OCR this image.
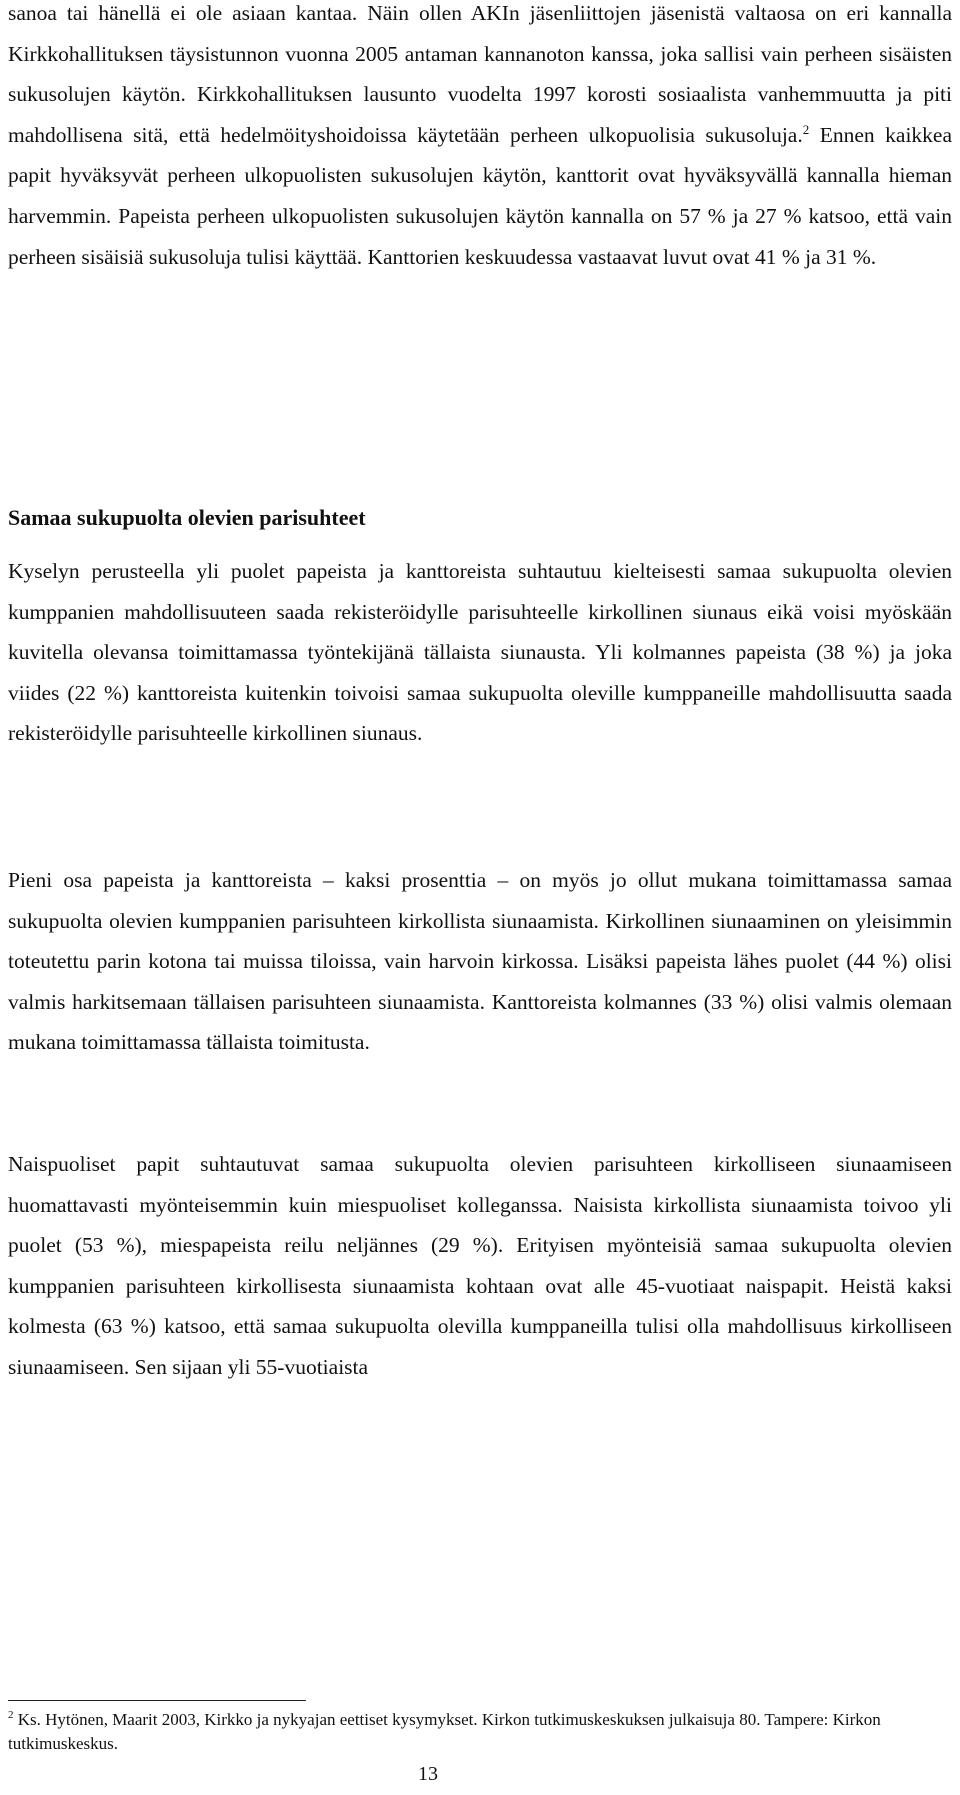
sanoa tai hänellä ei ole asiaan kantaa. Näin ollen AKIn jäsenliittojen jäsenistä valtaosa on eri kannalla Kirkkohallituksen täysistunnon vuonna 2005 antaman kannanoton kanssa, joka sallisi vain perheen sisäisten sukusolujen käytön. Kirkkohallituksen lausunto vuodelta 1997 korosti sosiaalista vanhemmuutta ja piti mahdollisena sitä, että hedelmöityshoidoissa käytetään perheen ulkopuolisia sukusoluja.$^2$ Ennen kaikkea papit hyväksyvät perheen ulkopuolisten sukusolujen käytön, kanttorit ovat hyväksyvällä kannalla hieman harvemmin. Papeista perheen ulkopuolisten sukusolujen käytön kannalla on 57 % ja 27 % katsoo, että vain perheen sisäisiä sukusoluja tulisi käyttää. Kanttorien keskuudessa vastaavat luvut ovat 41 % ja 31 %.

Samaa sukupuolta olevien parisuhteet

Kyselyn perusteella yli puolet papeista ja kanttoreista suhtautuu kielteisesti samaa sukupuolta olevien kumppanien mahdollisuuteen saada rekisteröidylle parisuhteelle kirkollinen siunaus eikä voisi myöskään kuvitella olevansa toimittamassa työntekijänä tällaista siunausta. Yli kolmannes papeista (38 %) ja joka viides (22 %) kanttoreista kuitenkin toivoisi samaa sukupuolta oleville kumppaneille mahdollisuutta saada rekisteröidylle parisuhteelle kirkollinen siunaus.

Pieni osa papeista ja kanttoreista – kaksi prosenttia – on myös jo ollut mukana toimittamassa samaa sukupuolta olevien kumppanien parisuhteen kirkollista siunaamista. Kirkollinen siunaaminen on yleisimmin toteutettu parin kotona tai muissa tiloissa, vain harvoin kirkossa. Lisäksi papeista lähes puolet (44 %) olisi valmis harkitsemaan tällaisen parisuhteen siunaamista. Kanttoreista kolmannes (33 %) olisi valmis olemaan mukana toimittamassa tällaista toimitusta.

Naispuoliset papit suhtautuvat samaa sukupuolta olevien parisuhteen kirkolliseen siunaamiseen huomattavasti myönteisemmin kuin miespuoliset kolleganssa. Naisista kirkollista siunaamista toivoo yli puolet (53 %), miespapeista reilu neljännes (29 %). Erityisen myönteisiä samaa sukupuolta olevien kumppanien parisuhteen kirkollisesta siunaamista kohtaan ovat alle 45-vuotiaat naispapit. Heistä kaksi kolmesta (63 %) katsoo, että samaa sukupuolta olevilla kumppaneilla tulisi olla mahdollisuus kirkolliseen siunaamiseen. Sen sijaan yli 55-vuotiaista

$^2$ Ks. Hytönen, Maarit 2003, Kirkko ja nykyajan eettiset kysymykset. Kirkon tutkimuskeskuksen julkaisuja 80. Tampere: Kirkon tutkimuskeskus.

13
